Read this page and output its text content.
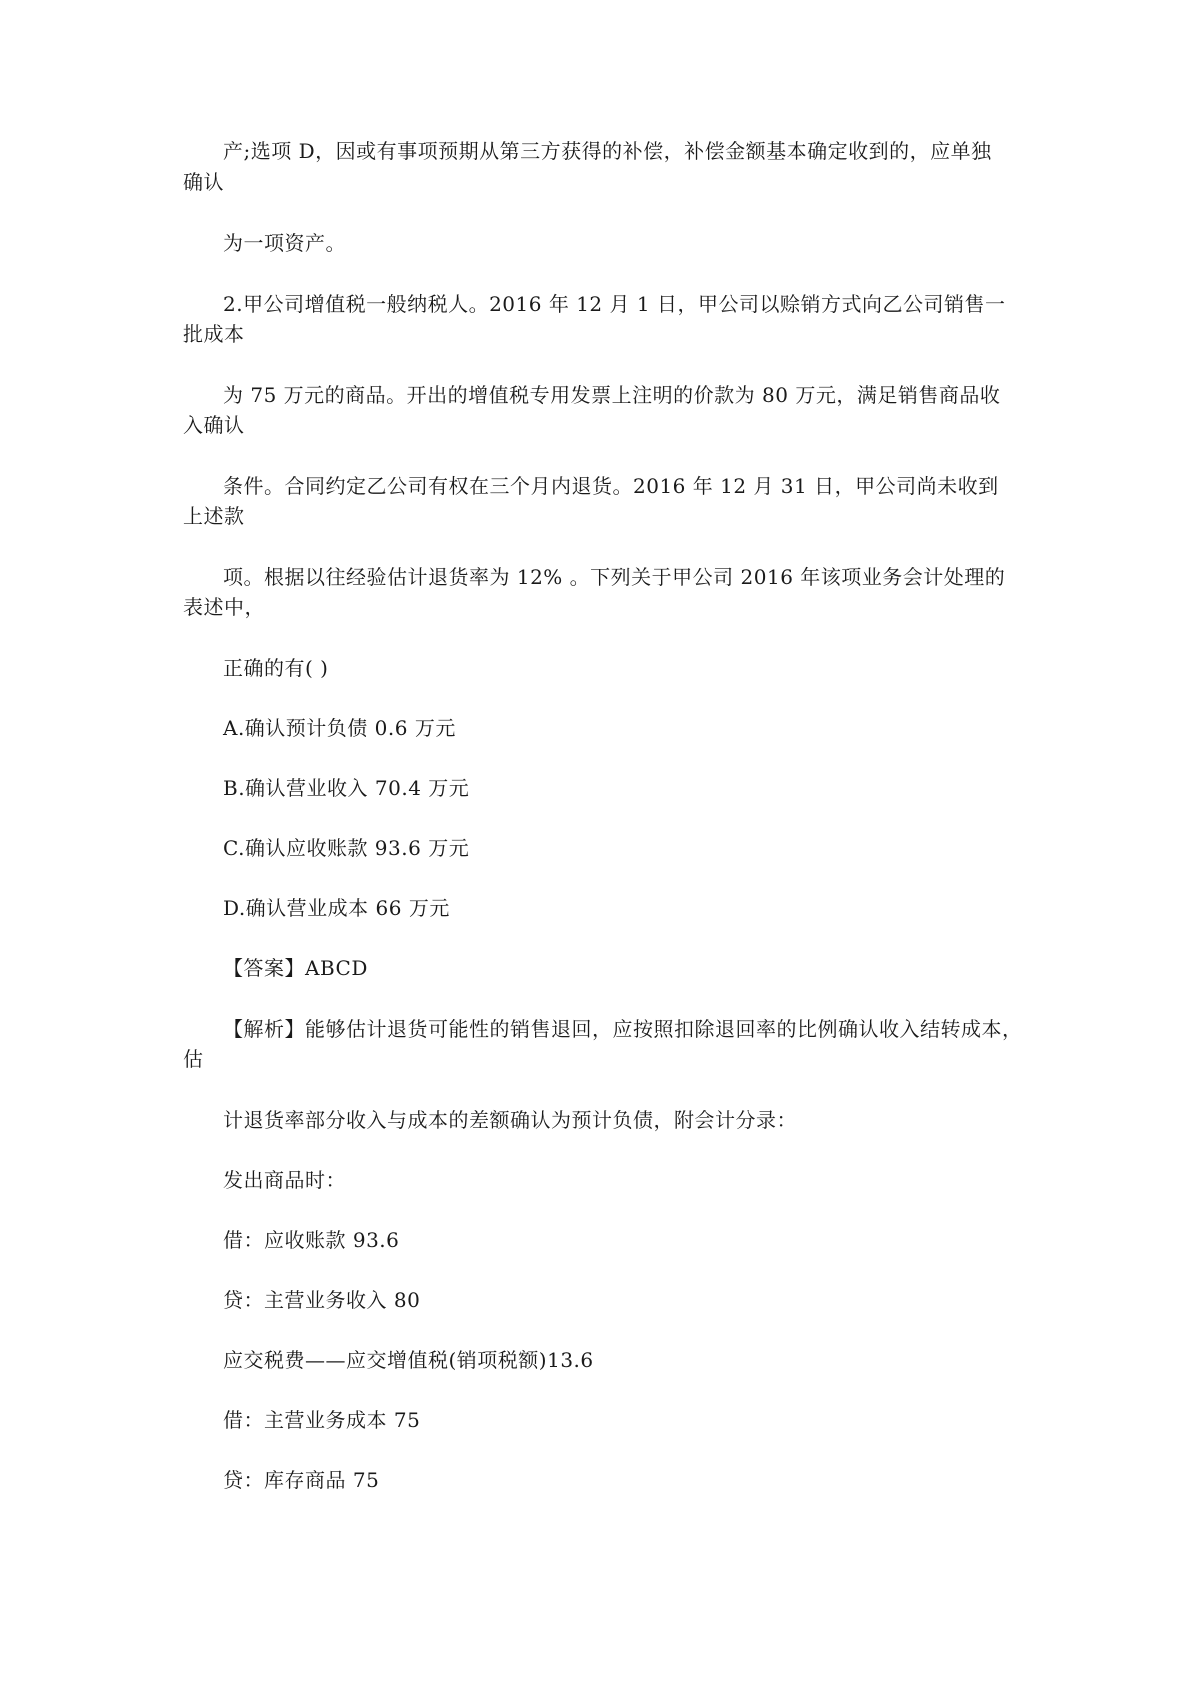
产;选项 D，因或有事项预期从第三方获得的补偿，补偿金额基本确定收到的，应单独
确认
为一项资产。
2.甲公司增值税一般纳税人。2016 年 12 月 1 日，甲公司以赊销方式向乙公司销售一
批成本
为 75 万元的商品。开出的增值税专用发票上注明的价款为 80 万元，满足销售商品收
入确认
条件。合同约定乙公司有权在三个月内退货。2016 年 12 月 31 日，甲公司尚未收到
上述款
项。根据以往经验估计退货率为 12% 。下列关于甲公司 2016 年该项业务会计处理的
表述中，
正确的有( )
A.确认预计负债 0.6 万元
B.确认营业收入 70.4 万元
C.确认应收账款 93.6 万元
D.确认营业成本 66 万元
【答案】ABCD
【解析】能够估计退货可能性的销售退回，应按照扣除退回率的比例确认收入结转成本，
估
计退货率部分收入与成本的差额确认为预计负债，附会计分录：
发出商品时：
借：应收账款 93.6
贷：主营业务收入 80
应交税费——应交增值税(销项税额)13.6
借：主营业务成本 75
贷：库存商品 75
